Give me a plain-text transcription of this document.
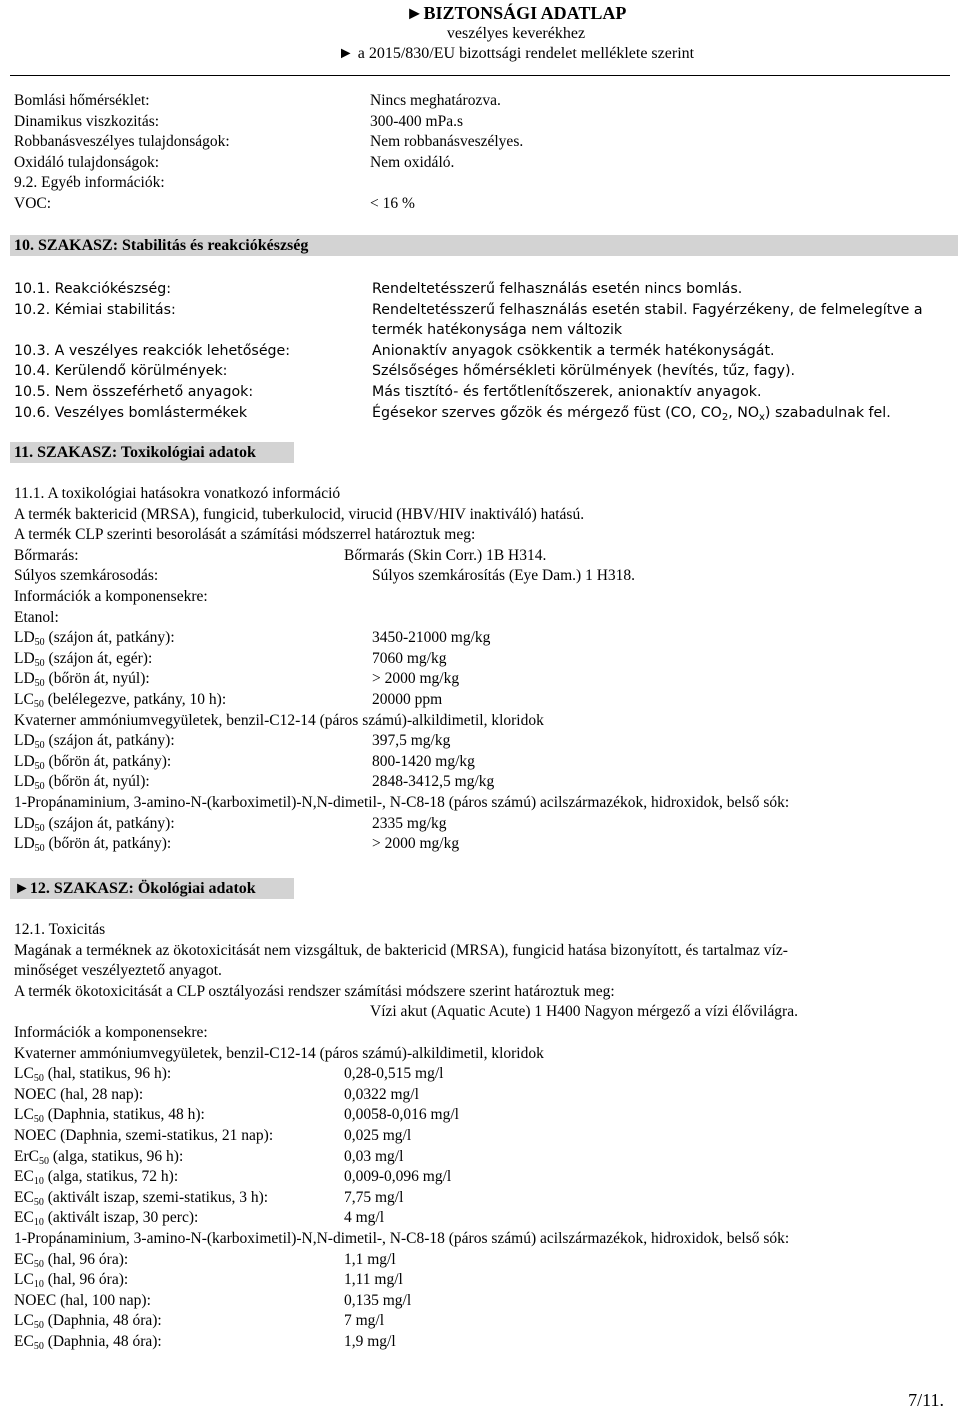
►BIZTONSÁGI ADATLAP
veszélyes keverékhez
► a 2015/830/EU bizottsági rendelet melléklete szerint
Bomlási hőmérséklet:	Nincs meghatározva.
Dinamikus viszkozitás:	300-400 mPa.s
Robbanásveszélyes tulajdonságok:	Nem robbanásveszélyes.
Oxidáló tulajdonságok:	Nem oxidáló.
9.2. Egyéb információk:
VOC:	< 16 %
10. SZAKASZ: Stabilitás és reakciókészség
10.1. Reakciókészség:	Rendeltetésszerű felhasználás esetén nincs bomlás.
10.2. Kémiai stabilitás:	Rendeltetésszerű felhasználás esetén stabil. Fagyérzékeny, de felmelegítve a
termék hatékonysága nem változik
10.3. A veszélyes reakciók lehetősége:	Anionaktív anyagok csökkentik a termék hatékonyságát.
10.4. Kerülendő körülmények:	Szélsőséges hőmérsékleti körülmények (hevítés, tűz, fagy).
10.5. Nem összeférhető anyagok:	Más tisztító- és fertőtlenítőszerek, anionaktív anyagok.
10.6. Veszélyes bomlástermékek	Égésekor szerves gőzök és mérgező füst (CO, $CO_2$, $NO_x$) szabadulnak fel.
11. SZAKASZ: Toxikológiai adatok
11.1. A toxikológiai hatásokra vonatkozó információ
A termék baktericid (MRSA), fungicid, tuberkulocid, virucid (HBV/HIV inaktiváló) hatású.
A termék CLP szerinti besorolását a számítási módszerrel határoztuk meg:
Bőrmarás:	Bőrmarás (Skin Corr.) 1B H314.
Súlyos szemkárosodás:	Súlyos szemkárosítás (Eye Dam.) 1 H318.
Információk a komponensekre:
Etanol:
$LD_{50}$ (szájon át, patkány):	3450-21000 mg/kg
$LD_{50}$ (szájon át, egér):	7060 mg/kg
$LD_{50}$ (bőrön át, nyúl):	> 2000 mg/kg
$LC_{50}$ (belélegezve, patkány, 10 h):	20000 ppm
Kvaterner ammóniumvegyületek, benzil-C12-14 (páros számú)-alkildimetil, kloridok
$LD_{50}$ (szájon át, patkány):	397,5 mg/kg
$LD_{50}$ (bőrön át, patkány):	800-1420 mg/kg
$LD_{50}$ (bőrön át, nyúl):	2848-3412,5 mg/kg
1-Propánaminium, 3-amino-N-(karboximetil)-N,N-dimetil-, N-C8-18 (páros számú) acilszármazékok, hidroxidok, belső sók:
$LD_{50}$ (szájon át, patkány):	2335 mg/kg
$LD_{50}$ (bőrön át, patkány):	> 2000 mg/kg
►12. SZAKASZ: Ökológiai adatok
12.1. Toxicitás
Magának a terméknek az ökotoxicitását nem vizsgáltuk, de baktericid (MRSA), fungicid hatása bizonyított, és tartalmaz víz-
minőséget veszélyeztető anyagot.
A termék ökotoxicitását a CLP osztályozási rendszer számítási módszere szerint határoztuk meg:
Vízi akut (Aquatic Acute) 1 H400 Nagyon mérgező a vízi élővilágra.
Információk a komponensekre:
Kvaterner ammóniumvegyületek, benzil-C12-14 (páros számú)-alkildimetil, kloridok
$LC_{50}$ (hal, statikus, 96 h):	0,28-0,515 mg/l
NOEC (hal, 28 nap):	0,0322 mg/l
$LC_{50}$ (Daphnia, statikus, 48 h):	0,0058-0,016 mg/l
NOEC (Daphnia, szemi-statikus, 21 nap):	0,025 mg/l
ErC$_{50}$ (alga, statikus, 96 h):	0,03 mg/l
$EC_{10}$ (alga, statikus, 72 h):	0,009-0,096 mg/l
$EC_{50}$ (aktivált iszap, szemi-statikus, 3 h):	7,75 mg/l
$EC_{10}$ (aktivált iszap, 30 perc):	4 mg/l
1-Propánaminium, 3-amino-N-(karboximetil)-N,N-dimetil-, N-C8-18 (páros számú) acilszármazékok, hidroxidok, belső sók:
$EC_{50}$ (hal, 96 óra):	1,1 mg/l
$LC_{10}$ (hal, 96 óra):	1,11 mg/l
NOEC (hal, 100 nap):	0,135 mg/l
$LC_{50}$ (Daphnia, 48 óra):	7 mg/l
$EC_{50}$ (Daphnia, 48 óra):	1,9 mg/l
7/11.
